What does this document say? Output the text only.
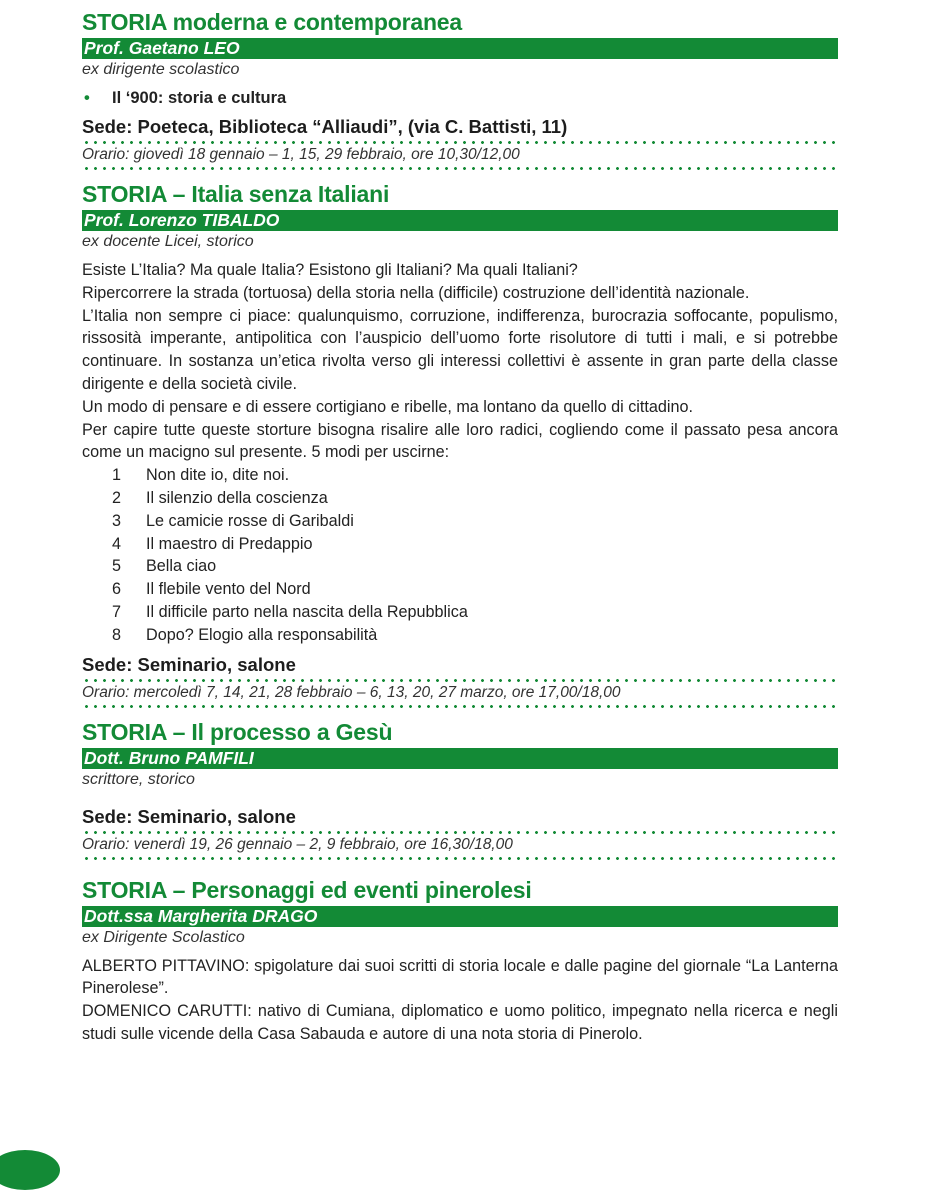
STORIA moderna e contemporanea
Prof. Gaetano LEO
ex dirigente scolastico
• Il ‘900: storia e cultura
Sede: Poeteca, Biblioteca “Alliaudi”, (via C. Battisti, 11)
Orario: giovedì 18 gennaio – 1, 15, 29 febbraio, ore 10,30/12,00
STORIA – Italia senza Italiani
Prof. Lorenzo TIBALDO
ex docente Licei, storico

Esiste L’Italia? Ma quale Italia? Esistono gli Italiani? Ma quali Italiani?

Ripercorrere la strada (tortuosa) della storia nella (difficile) costruzione dell’identità nazionale.

L’Italia non sempre ci piace: qualunquismo, corruzione, indifferenza, burocrazia soffocante, populismo, rissosità imperante, antipolitica con l’auspicio dell’uomo forte risolutore di tutti i mali, e si potrebbe continuare. In sostanza un’etica rivolta verso gli interessi collettivi è assente in gran parte della classe dirigente e della società civile.

Un modo di pensare e di essere cortigiano e ribelle, ma lontano da quello di cittadino.

Per capire tutte queste storture bisogna risalire alle loro radici, cogliendo come il passato pesa ancora come un macigno sul presente. 5 modi per uscirne:

1 Non dite io, dite noi.
2 Il silenzio della coscienza
3 Le camicie rosse di Garibaldi
4 Il maestro di Predappio
5 Bella ciao
6 Il flebile vento del Nord
7 Il difficile parto nella nascita della Repubblica
8 Dopo? Elogio alla responsabilità
Sede: Seminario, salone
Orario: mercoledì 7, 14, 21, 28 febbraio – 6, 13, 20, 27 marzo, ore 17,00/18,00
STORIA – Il processo a Gesù
Dott. Bruno PAMFILI
scrittore, storico
Sede: Seminario, salone
Orario: venerdì 19, 26 gennaio – 2, 9 febbraio, ore 16,30/18,00
STORIA – Personaggi ed eventi pinerolesi
Dott.ssa Margherita DRAGO
ex Dirigente Scolastico

ALBERTO PITTAVINO: spigolature dai suoi scritti di storia locale e dalle pagine del giornale “La Lanterna Pinerolese”.

DOMENICO CARUTTI: nativo di Cumiana, diplomatico e uomo politico, impegnato nella ricerca e negli studi sulle vicende della Casa Sabauda e autore di una nota storia di Pinerolo.
